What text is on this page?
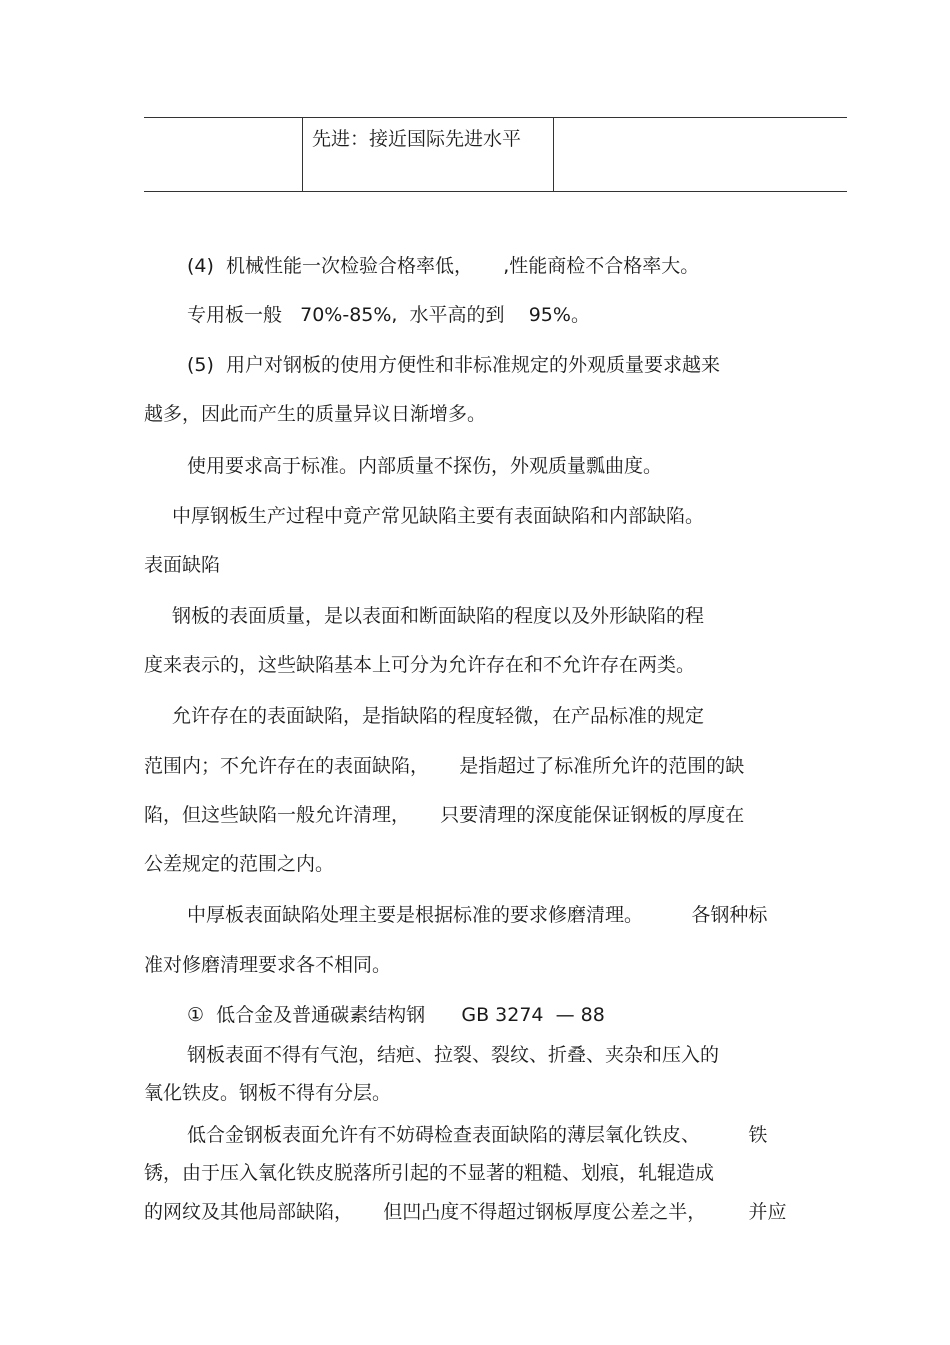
先进：接近国际先进水平
(4)  机械性能一次检验合格率低，     ,性能商检不合格率大。
专用板一般   70%-85%,  水平高的到    95%。
(5)  用户对钢板的使用方便性和非标准规定的外观质量要求越来
越多，因此而产生的质量异议日渐增多。
使用要求高于标准。内部质量不探伤，外观质量瓢曲度。
中厚钢板生产过程中竟产常见缺陷主要有表面缺陷和内部缺陷。
表面缺陷
钢板的表面质量，是以表面和断面缺陷的程度以及外形缺陷的程
度来表示的，这些缺陷基本上可分为允许存在和不允许存在两类。
允许存在的表面缺陷，是指缺陷的程度轻微，在产品标准的规定
范围内；不允许存在的表面缺陷，     是指超过了标准所允许的范围的缺
陷，但这些缺陷一般允许清理，     只要清理的深度能保证钢板的厚度在
公差规定的范围之内。
中厚板表面缺陷处理主要是根据标准的要求修磨清理。        各钢种标
准对修磨清理要求各不相同。
①  低合金及普通碳素结构钢      GB 3274  — 88
钢板表面不得有气泡，结疤、拉裂、裂纹、折叠、夹杂和压入的
氧化铁皮。钢板不得有分层。
低合金钢板表面允许有不妨碍检查表面缺陷的薄层氧化铁皮、        铁
锈，由于压入氧化铁皮脱落所引起的不显著的粗糙、划痕，轧辊造成
的网纹及其他局部缺陷，     但凹凸度不得超过钢板厚度公差之半，       并应
